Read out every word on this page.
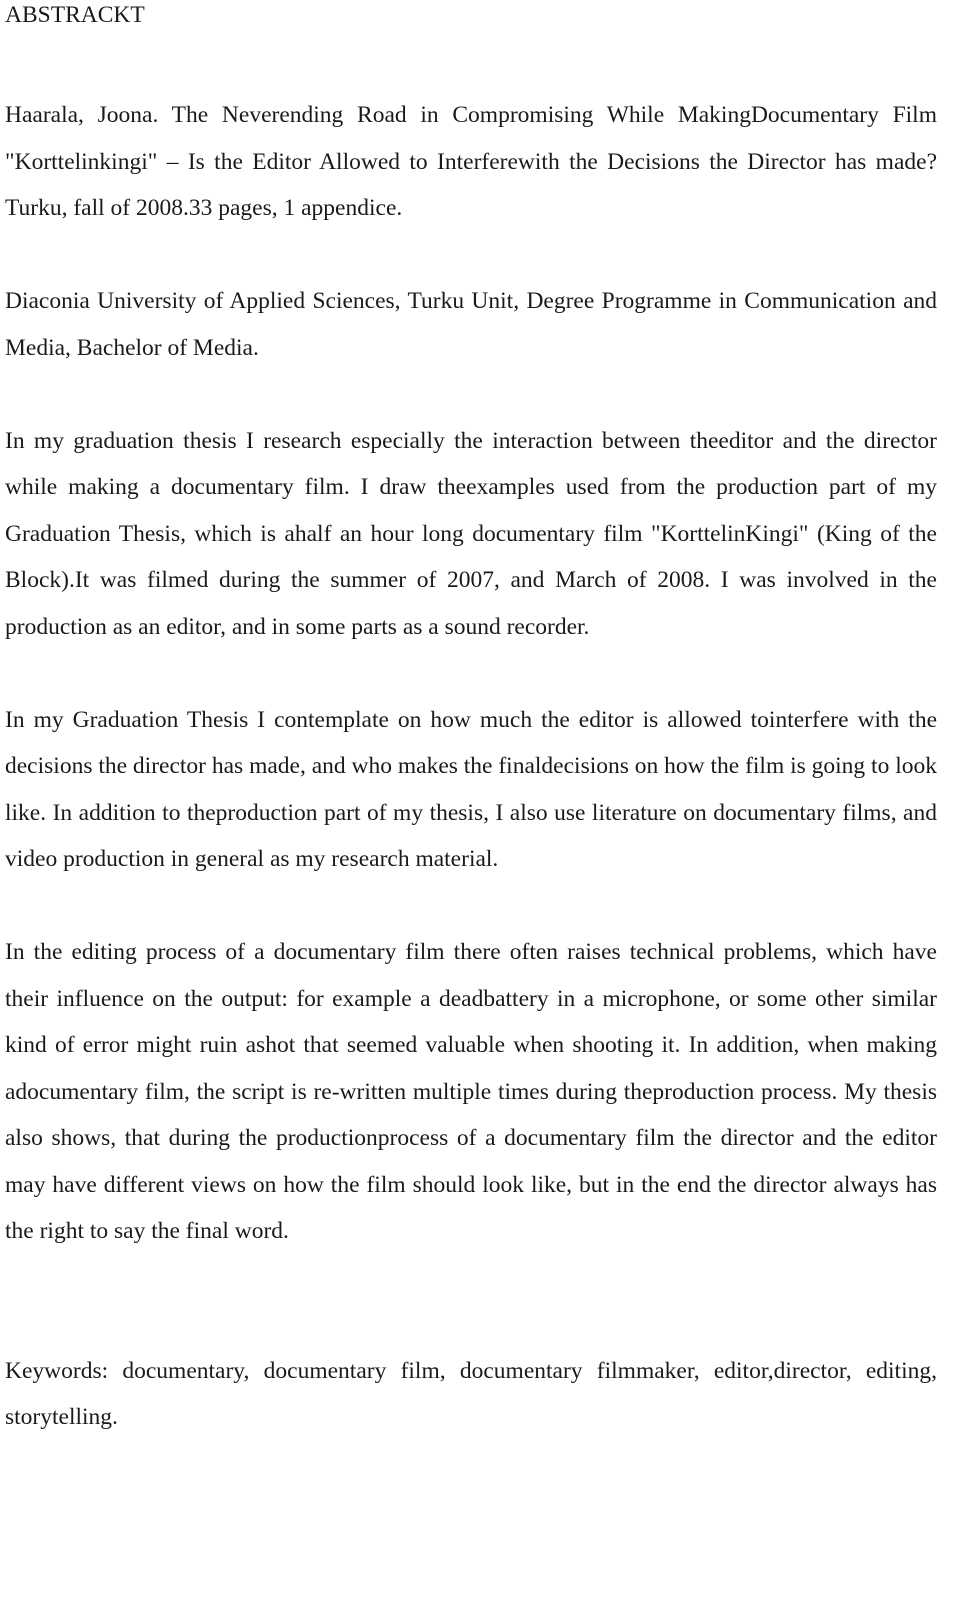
ABSTRACKT

Haarala, Joona. The Neverending Road in Compromising While MakingDocumentary Film "Korttelinkingi" – Is the Editor Allowed to Interferewith the Decisions the Director has made? Turku, fall of 2008.33 pages, 1 appendice.

Diaconia University of Applied Sciences, Turku Unit, Degree Programme in Communication and Media, Bachelor of Media.

In my graduation thesis I research especially the interaction between theeditor and the director while making a documentary film. I draw theexamples used from the production part of my Graduation Thesis, which is ahalf an hour long documentary film "KorttelinKingi" (King of the Block).It was filmed during the summer of 2007, and March of 2008. I was involved in the production as an editor, and in some parts as a sound recorder.

In my Graduation Thesis I contemplate on how much the editor is allowed tointerfere with the decisions the director has made, and who makes the finaldecisions on how the film is going to look like. In addition to theproduction part of my thesis, I also use literature on documentary films, and video production in general as my research material.

In the editing process of a documentary film there often raises technical problems, which have their influence on the output: for example a deadbattery in a microphone, or some other similar kind of error might ruin ashot that seemed valuable when shooting it. In addition, when making adocumentary film, the script is re-written multiple times during theproduction process. My thesis also shows, that during the productionprocess of a documentary film the director and the editor may have different views on how the film should look like, but in the end the director always has the right to say the final word.

Keywords: documentary, documentary film, documentary filmmaker, editor,director, editing, storytelling.
